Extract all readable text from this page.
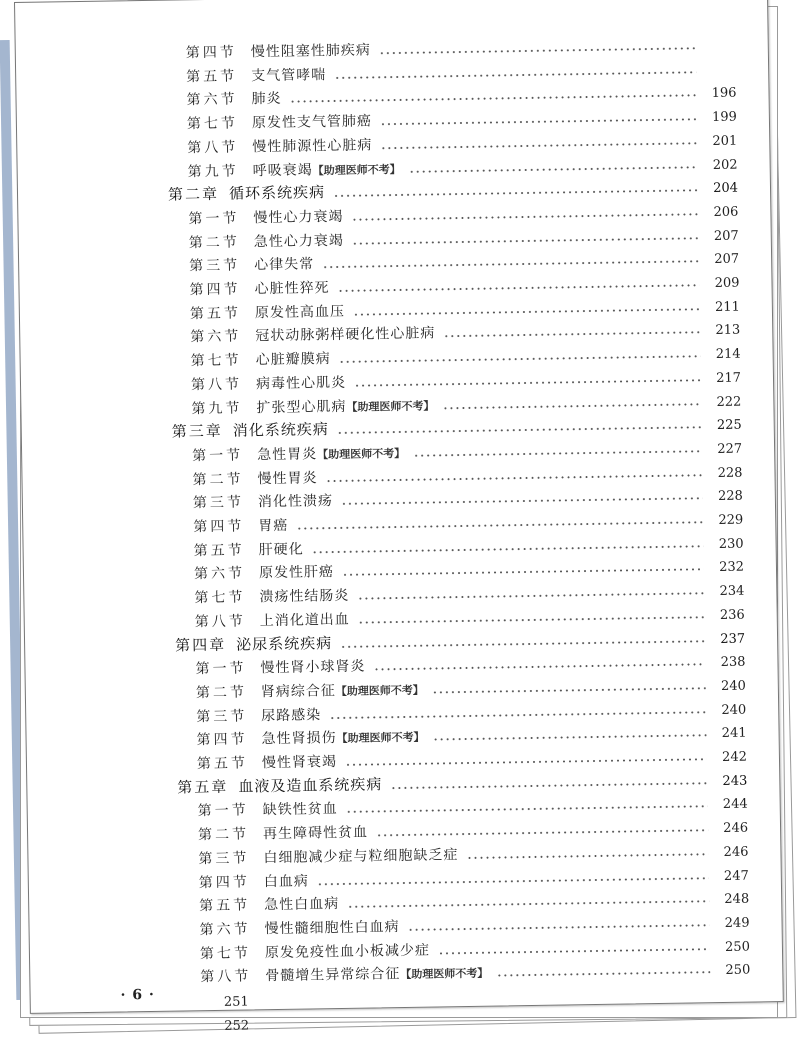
第四节 慢性阻塞性肺疾病
第五节 支气管哮喘
第六节 肺炎	196
第七节 原发性支气管肺癌	199
第八节 慢性肺源性心脏病	201
第九节 呼吸衰竭【助理医师不考】	202
第二章 循环系统疾病	204
第一节 慢性心力衰竭	206
第二节 急性心力衰竭	207
第三节 心律失常	207
第四节 心脏性猝死	209
第五节 原发性高血压	211
第六节 冠状动脉粥样硬化性心脏病	213
第七节 心脏瓣膜病	214
第八节 病毒性心肌炎	217
第九节 扩张型心肌病【助理医师不考】	222
第三章 消化系统疾病	225
第一节 急性胃炎【助理医师不考】	227
第二节 慢性胃炎	228
第三节 消化性溃疡	228
第四节 胃癌	229
第五节 肝硬化	230
第六节 原发性肝癌	232
第七节 溃疡性结肠炎	234
第八节 上消化道出血	236
第四章 泌尿系统疾病	237
第一节 慢性肾小球肾炎	238
第二节 肾病综合征【助理医师不考】	240
第三节 尿路感染	240
第四节 急性肾损伤【助理医师不考】	241
第五节 慢性肾衰竭	242
第五章 血液及造血系统疾病	243
第一节 缺铁性贫血	244
第二节 再生障碍性贫血	246
第三节 白细胞减少症与粒细胞缺乏症	246
第四节 白血病	247
第五节 急性白血病	248
第六节 慢性髓细胞性白血病	249
第七节 原发免疫性血小板减少症	250
第八节 骨髓增生异常综合征【助理医师不考】	250
251
252
· 6 ·
